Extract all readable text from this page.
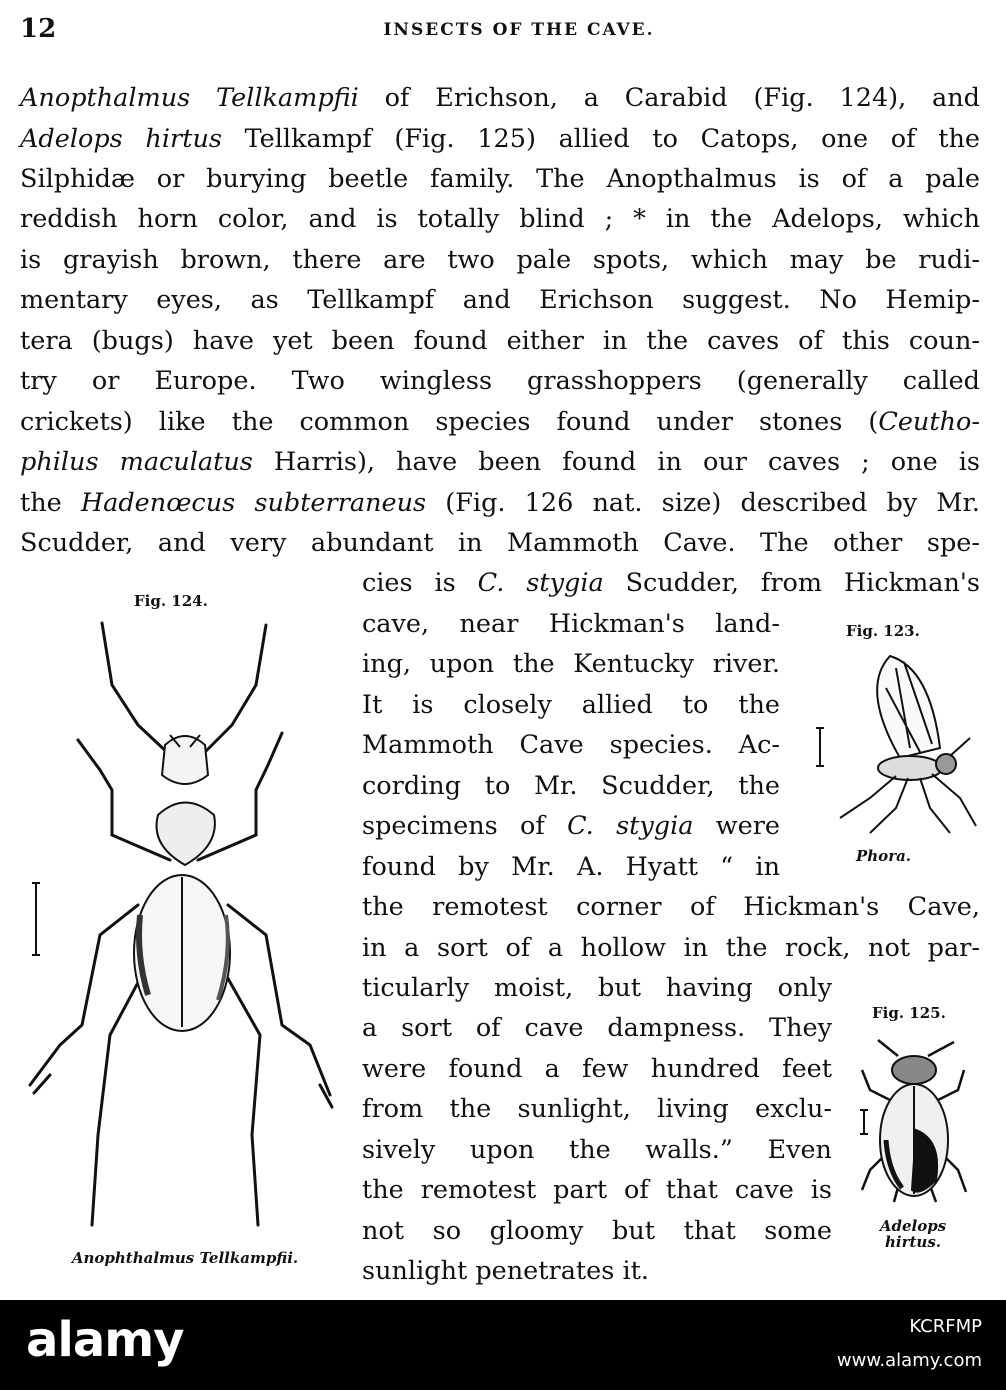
12	INSECTS OF THE CAVE.
Anopthalmus Tellkampfii of Erichson, a Carabid (Fig. 124), and
Adelops hirtus Tellkampf (Fig. 125) allied to Catops, one of the
Silphidæ or burying beetle family. The Anopthalmus is of a pale
reddish horn color, and is totally blind ; * in the Adelops, which
is grayish brown, there are two pale spots, which may be rudi-
mentary eyes, as Tellkampf and Erichson suggest. No Hemip-
tera (bugs) have yet been found either in the caves of this coun-
try or Europe. Two wingless grasshoppers (generally called
crickets) like the common species found under stones (Ceutho-
philus maculatus Harris), have been found in our caves ; one is
the Hadenœcus subterraneus (Fig. 126 nat. size) described by Mr.
Scudder, and very abundant in Mammoth Cave. The other spe-
cies is C. stygia Scudder, from Hickman's
cave, near Hickman's land-
ing, upon the Kentucky river.
It is closely allied to the
Mammoth Cave species. Ac-
cording to Mr. Scudder, the
specimens of C. stygia were
found by Mr. A. Hyatt “ in
the remotest corner of Hickman's Cave,
in a sort of a hollow in the rock, not par-
ticularly moist, but having only
a sort of cave dampness. They
were found a few hundred feet
from the sunlight, living exclu-
sively upon the walls.” Even
the remotest part of that cave is
not so gloomy but that some
sunlight penetrates it.
Fig. 124.
Anophthalmus Tellkampfii.
Fig. 123.
Phora.
Fig. 125.
Adelops
hirtus.
alamy	KCRFMP
www.alamy.com
